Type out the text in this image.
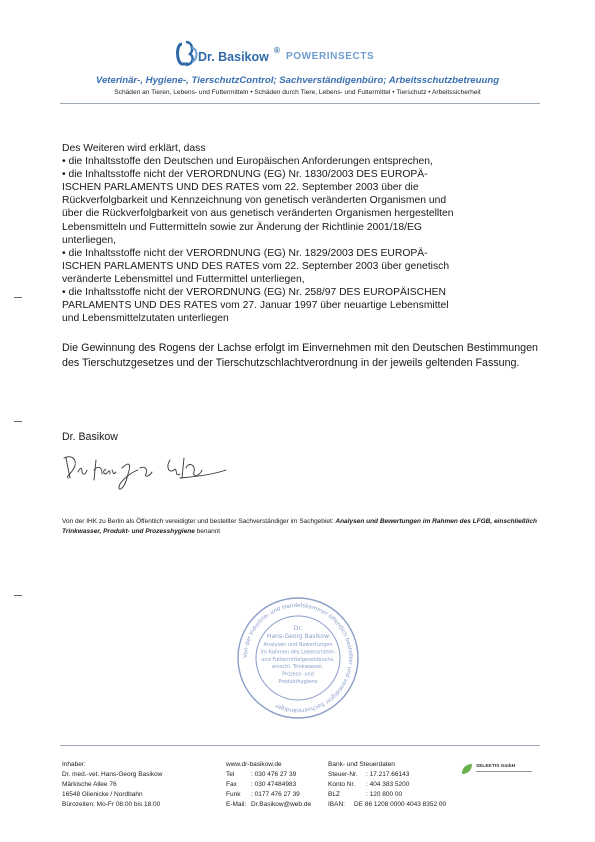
Dr. Basikow ®
POWERINSECTS
Veterinär-, Hygiene-, TierschutzControl; Sachverständigenbüro; Arbeitsschutzbetreuung
Schäden an Tieren, Lebens- und Futtermitteln • Schäden durch Tiere, Lebens- und Futtermittel • Tierschutz • Arbeitssicherheit

Des Weiteren wird erklärt, dass

• die Inhaltsstoffe den Deutschen und Europäischen Anforderungen entsprechen,
• die Inhaltsstoffe nicht der VERORDNUNG (EG) Nr. 1830/2003 DES EUROPÄ-
ISCHEN PARLAMENTS UND DES RATES vom 22. September 2003 über die
Rückverfolgbarkeit und Kennzeichnung von genetisch veränderten Organismen und
über die Rückverfolgbarkeit von aus genetisch veränderten Organismen hergestellten
Lebensmitteln und Futtermitteln sowie zur Änderung der Richtlinie 2001/18/EG
unterliegen,
• die Inhaltsstoffe nicht der VERORDNUNG (EG) Nr. 1829/2003 DES EUROPÄ-
ISCHEN PARLAMENTS UND DES RATES vom 22. September 2003 über genetisch
veränderte Lebensmittel und Futtermittel unterliegen,
• die Inhaltsstoffe nicht der VERORDNUNG (EG) Nr. 258/97 DES EUROPÄISCHEN
PARLAMENTS UND DES RATES vom 27. Januar 1997 über neuartige Lebensmittel
und Lebensmittelzutaten unterliegen
Die Gewinnung des Rogens der Lachse erfolgt im Einvernehmen mit den Deutschen Bestimmungen des Tierschutzgesetzes und der Tierschutzschlachtverordnung in der jeweils geltenden Fassung.
Dr. Basikow
Von der IHK zu Berlin als Öffentlich vereidigter und bestellter Sachverständiger im Sachgebiet: Analysen und Bewertungen im Rahmen des LFGB, einschließlich Trinkwasser, Produkt- und Prozesshygiene benannt
Von der Industrie- und Handelskammer öffentlich bestellter und vereidigter Sachverständiger
Dr.
Hans-Georg Basikow
Analysen und Bewertungen
im Rahmen des Lebensmittel-
und Futtermittelgesetzbuchs,
einschl. Trinkwasser,
Prozess- und
Produkthygiene
Inhaber:
Dr. med.-vet. Hans-Georg Basikow
Märkische Allee 76
16548 Glienicke / Nordbahn
Bürozeiten: Mo-Fr 08:00 bis 18:00
www.dr-basikow.de
Tel	: 030 476 27 39
Fax : 030 47484983
Funk : 0177 476 27 39
E-Mail: Dr.Basikow@web.de
Bank- und Steuerdaten
Steuer-Nr. : 17.217.66143
Konto Nr. : 404 383 5200
BLZ	: 120 800 00
IBAN: DE 86 1208 0000 4043 8352 00
SELEKTIS GmbH
